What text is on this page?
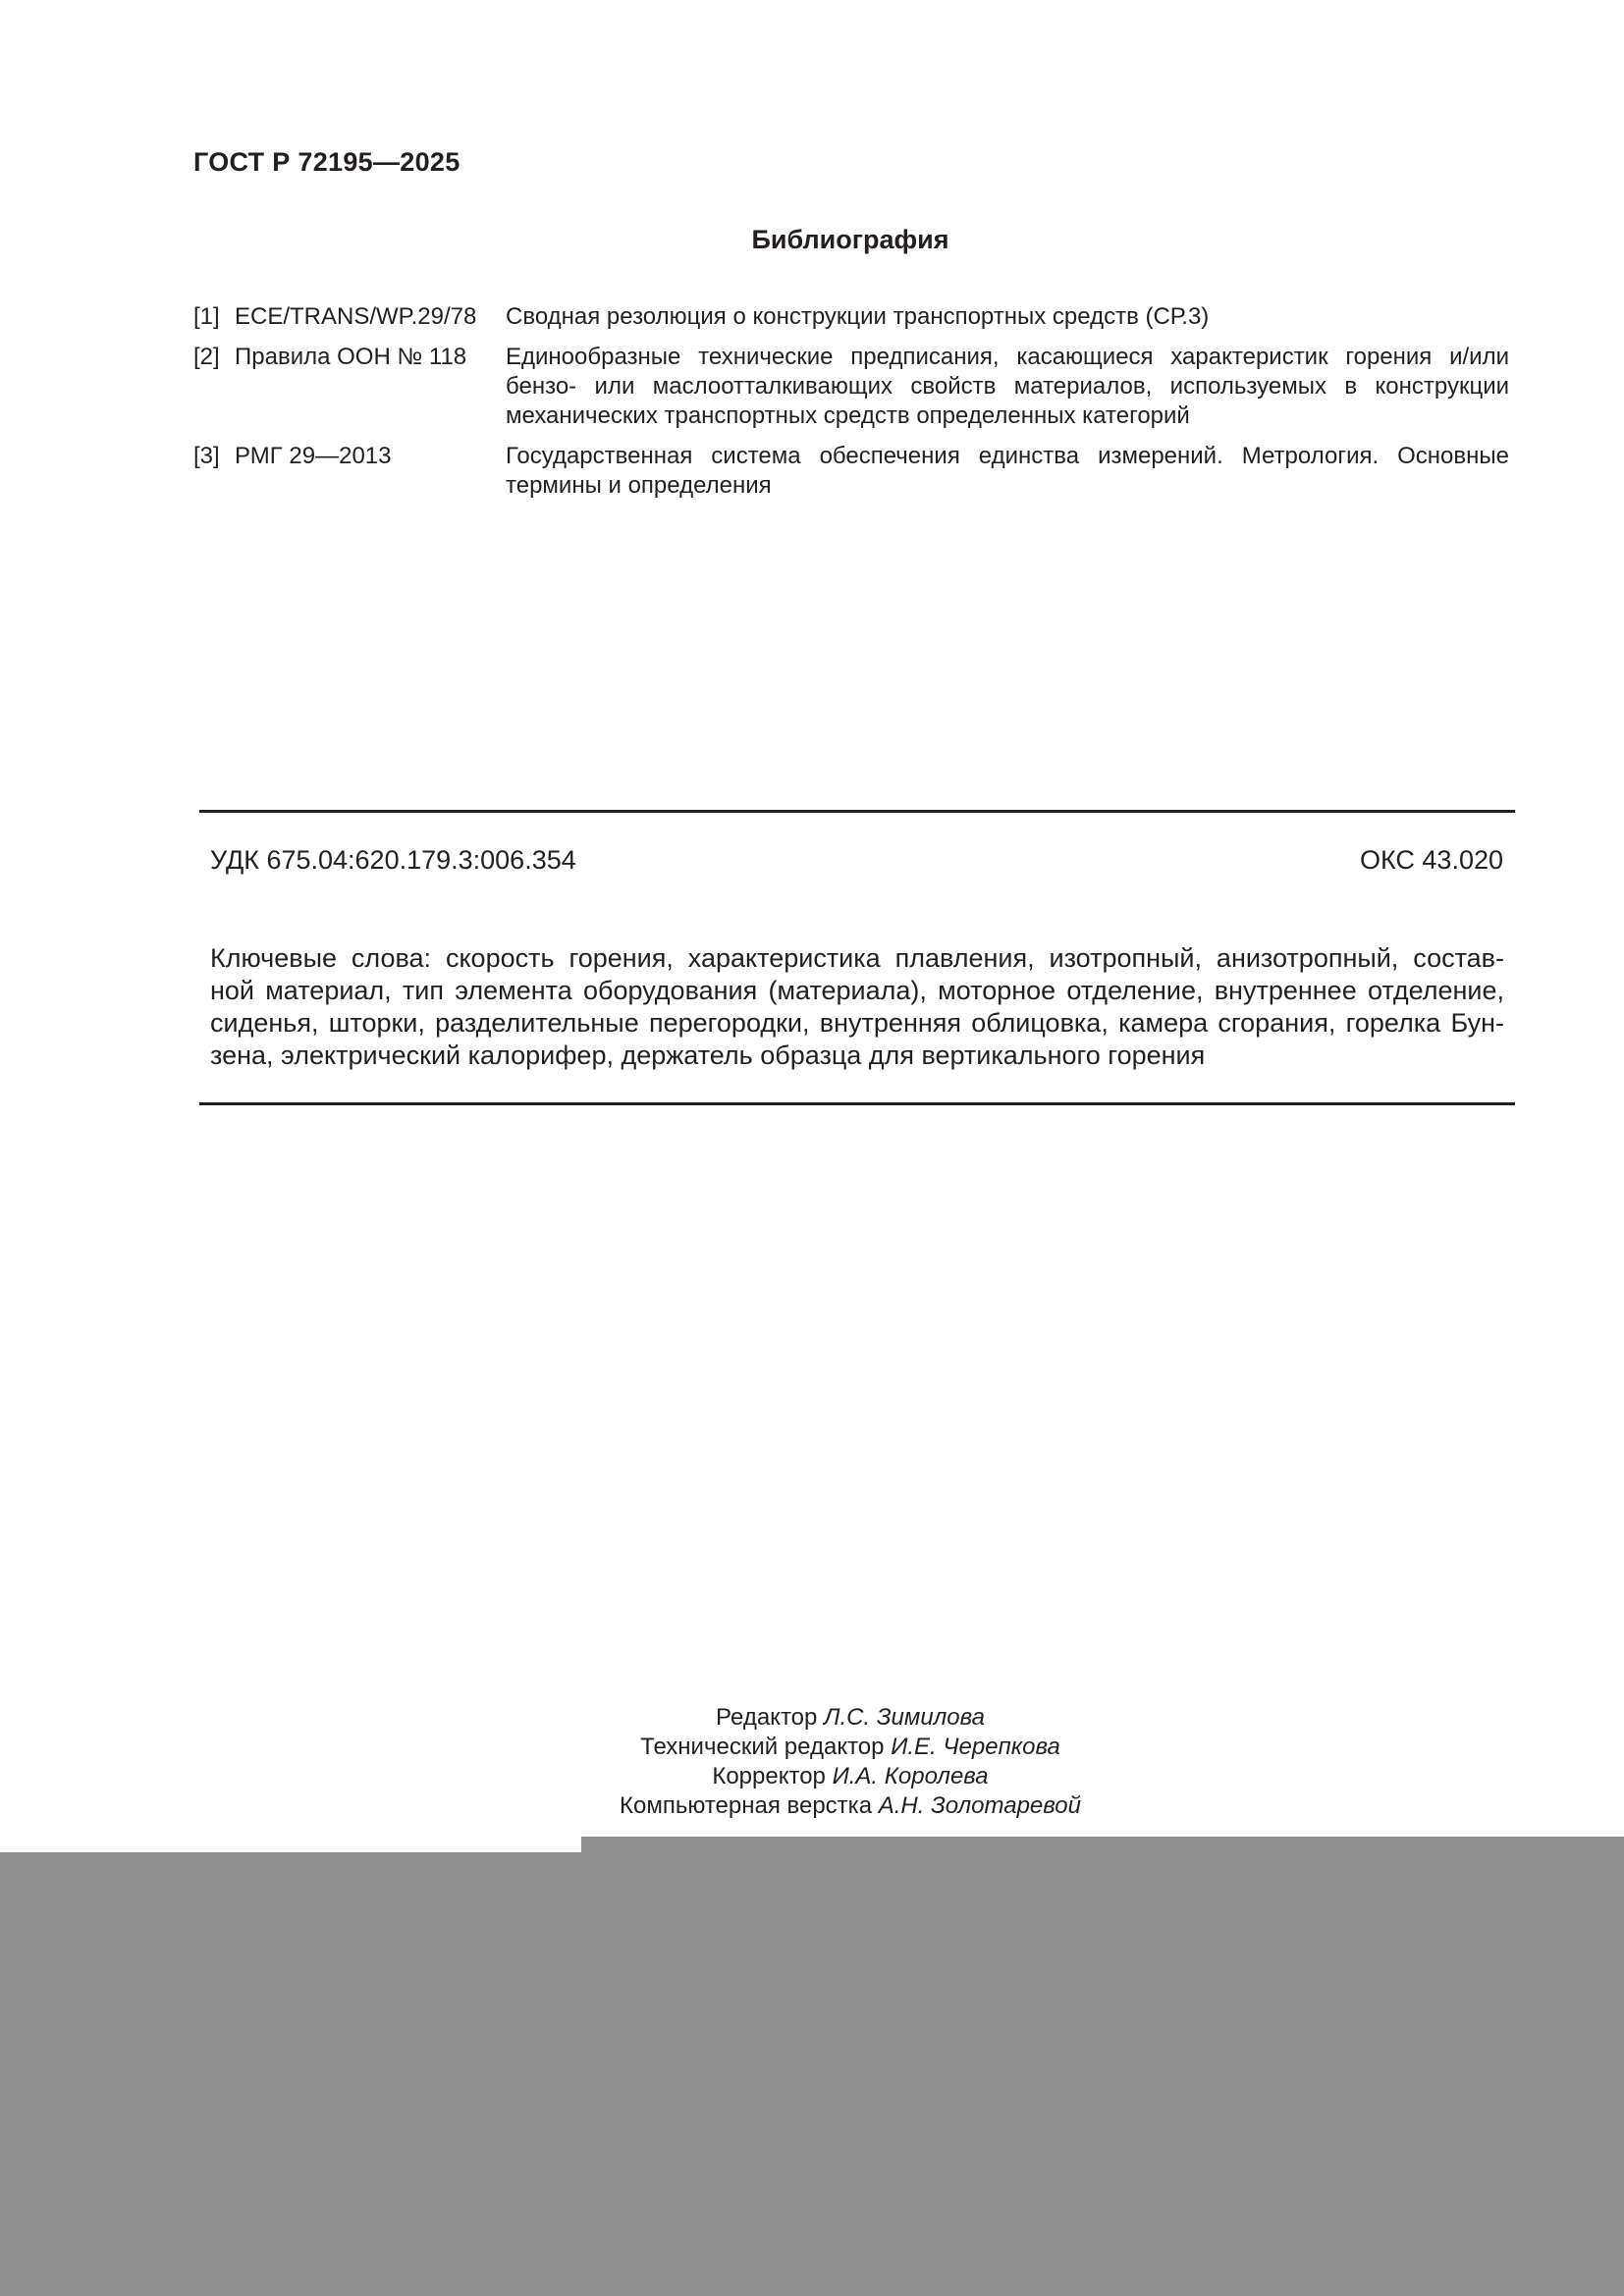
ГОСТ Р 72195—2025
Библиография
[1] ECE/TRANS/WP.29/78 Сводная резолюция о конструкции транспортных средств (СР.3)
[2] Правила ООН № 118 Единообразные технические предписания, касающиеся характеристик горения и/или бензо- или маслоотталкивающих свойств материалов, используемых в конструкции механических транспортных средств определенных категорий
[3] РМГ 29—2013	Государственная система обеспечения единства измерений. Метрология. Основные термины и определения
УДК 675.04:620.179.3:006.354	ОКС 43.020
Ключевые слова: скорость горения, характеристика плавления, изотропный, анизотропный, состав-
ной материал, тип элемента оборудования (материала), моторное отделение, внутреннее отделение,
сиденья, шторки, разделительные перегородки, внутренняя облицовка, камера сгорания, горелка Бун-
зена, электрический калорифер, держатель образца для вертикального горения
Редактор Л.С. Зимилова
Технический редактор И.Е. Черепкова
Корректор И.А. Королева
Компьютерная верстка А.Н. Золотаревой
